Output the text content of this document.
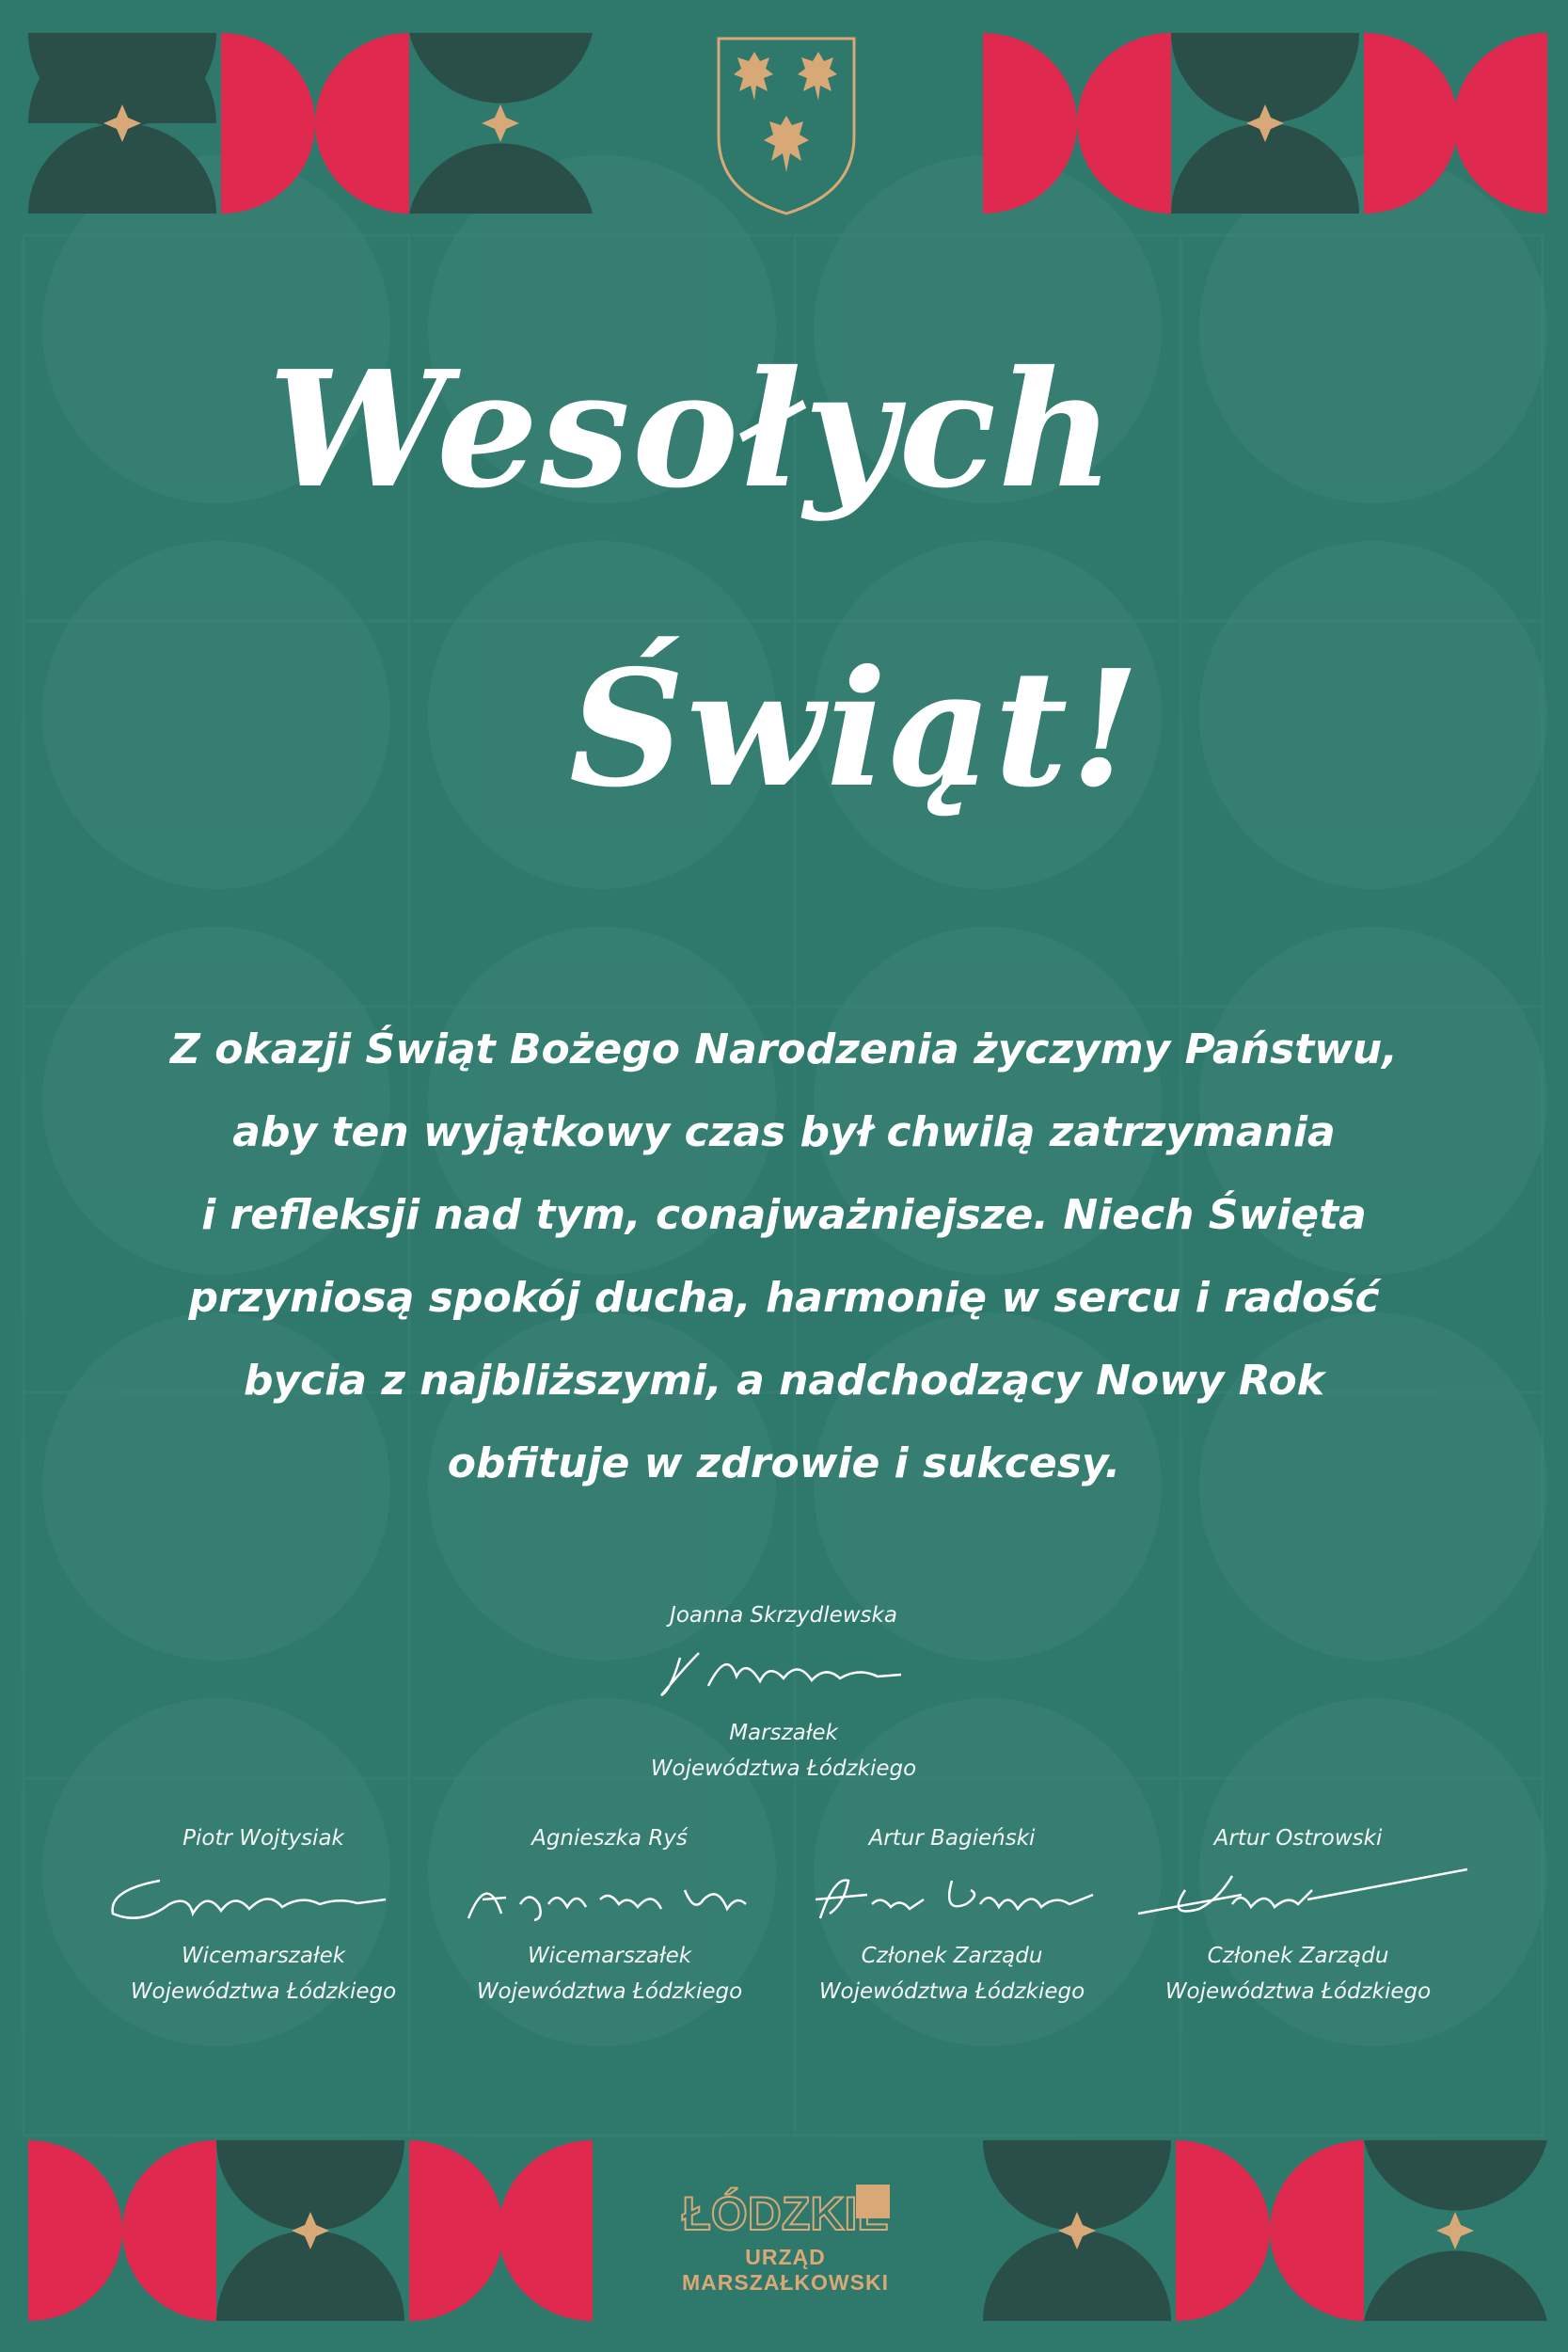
Wesołych
Świąt!

Z okazji Świąt Bożego Narodzenia życzymy Państwu,
aby ten wyjątkowy czas był chwilą zatrzymania
i refleksji nad tym, conajważniejsze. Niech Święta
przyniosą spokój ducha, harmonię w sercu i radość
bycia z najbliższymi, a nadchodzący Nowy Rok
obfituje w zdrowie i sukcesy.

Joanna Skrzydlewska
Marszałek
Województwa Łódzkiego
Piotr Wojtysiak
Wicemarszałek
Województwa Łódzkiego
Agnieszka Ryś
Wicemarszałek
Województwa Łódzkiego
Artur Bagieński
Członek Zarządu
Województwa Łódzkiego
Artur Ostrowski
Członek Zarządu
Województwa Łódzkiego
ŁÓDZKIE
URZĄD MARSZAŁKOWSKI
